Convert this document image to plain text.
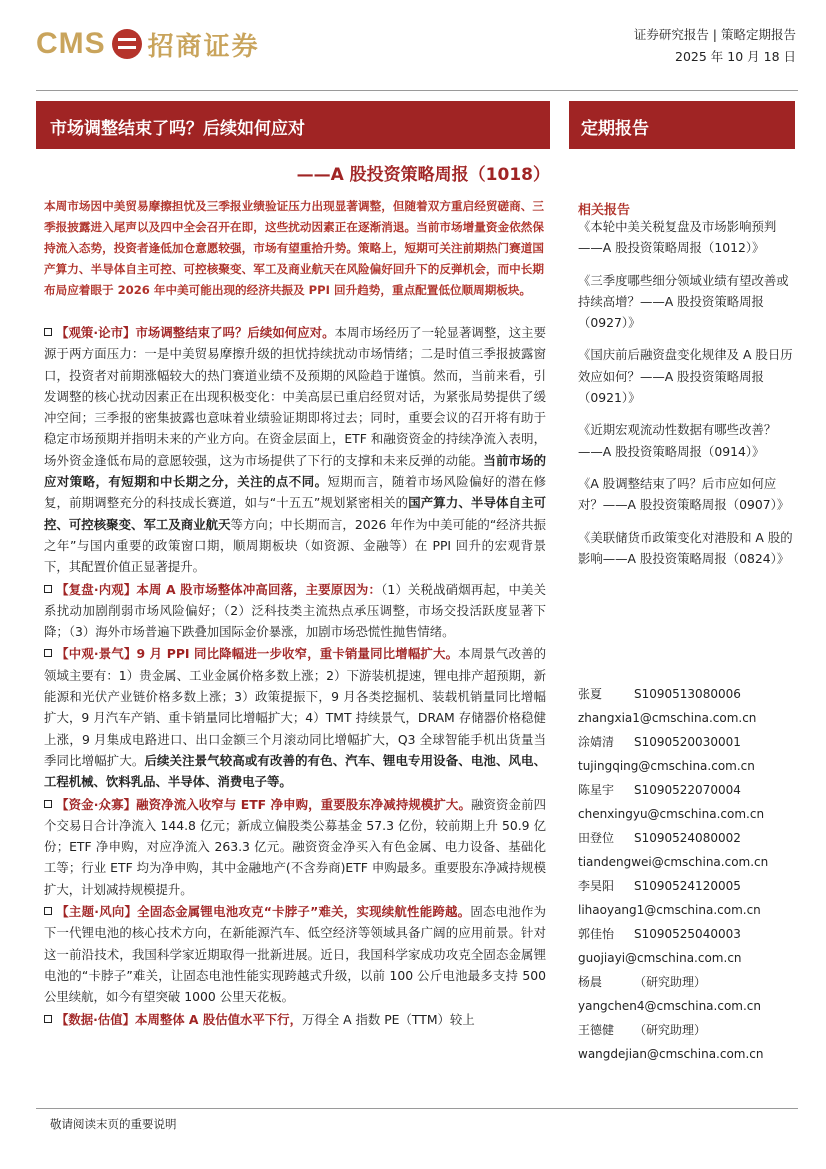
CMS 招商证券	证券研究报告 | 策略定期报告
2025 年 10 月 18 日
市场调整结束了吗？后续如何应对
——A 股投资策略周报（1018）
定期报告
本周市场因中美贸易摩擦担忧及三季报业绩验证压力出现显著调整，但随着双方重启经贸磋商、三季报披露进入尾声以及四中全会召开在即，这些扰动因素正在逐渐消退。当前市场增量资金依然保持流入态势，投资者逢低加仓意愿较强，市场有望重拾升势。策略上，短期可关注前期热门赛道国产算力、半导体自主可控、可控核聚变、军工及商业航天在风险偏好回升下的反弹机会，而中长期布局应着眼于 2026 年中美可能出现的经济共振及 PPI 回升趋势，重点配置低位顺周期板块。

【观策·论市】市场调整结束了吗？后续如何应对。本周市场经历了一轮显著调整，这主要源于两方面压力：一是中美贸易摩擦升级的担忧持续扰动市场情绪；二是时值三季报披露窗口，投资者对前期涨幅较大的热门赛道业绩不及预期的风险趋于谨慎。然而，当前来看，引发调整的核心扰动因素正在出现积极变化：中美高层已重启经贸对话，为紧张局势提供了缓冲空间；三季报的密集披露也意味着业绩验证期即将过去；同时，重要会议的召开将有助于稳定市场预期并指明未来的产业方向。在资金层面上，ETF 和融资资金的持续净流入表明，场外资金逢低布局的意愿较强，这为市场提供了下行的支撑和未来反弹的动能。当前市场的应对策略，有短期和中长期之分，关注的点不同。短期而言，随着市场风险偏好的潜在修复，前期调整充分的科技成长赛道，如与“十五五”规划紧密相关的国产算力、半导体自主可控、可控核聚变、军工及商业航天等方向；中长期而言，2026 年作为中美可能的“经济共振之年”与国内重要的政策窗口期，顺周期板块（如资源、金融等）在 PPI 回升的宏观背景下，其配置价值正显著提升。

【复盘·内观】本周 A 股市场整体冲高回落，主要原因为：（1）关税战硝烟再起，中美关系扰动加剧削弱市场风险偏好；（2）泛科技类主流热点承压调整，市场交投活跃度显著下降；（3）海外市场普遍下跌叠加国际金价暴涨，加剧市场恐慌性抛售情绪。

【中观·景气】9 月 PPI 同比降幅进一步收窄，重卡销量同比增幅扩大。本周景气改善的领域主要有：1）贵金属、工业金属价格多数上涨；2）下游装机提速，锂电排产超预期，新能源和光伏产业链价格多数上涨；3）政策提振下，9 月各类挖掘机、装载机销量同比增幅扩大，9 月汽车产销、重卡销量同比增幅扩大；4）TMT 持续景气，DRAM 存储器价格稳健上涨，9 月集成电路进口、出口金额三个月滚动同比增幅扩大，Q3 全球智能手机出货量当季同比增幅扩大。后续关注景气较高或有改善的有色、汽车、锂电专用设备、电池、风电、工程机械、饮料乳品、半导体、消费电子等。

【资金·众寡】融资净流入收窄与 ETF 净申购，重要股东净减持规模扩大。融资资金前四个交易日合计净流入 144.8 亿元；新成立偏股类公募基金 57.3 亿份，较前期上升 50.9 亿份；ETF 净申购，对应净流入 263.3 亿元。融资资金净买入有色金属、电力设备、基础化工等；行业 ETF 均为净申购，其中金融地产(不含券商)ETF 申购最多。重要股东净减持规模扩大，计划减持规模提升。

【主题·风向】全固态金属锂电池攻克“卡脖子”难关，实现续航性能跨越。固态电池作为下一代锂电池的核心技术方向，在新能源汽车、低空经济等领域具备广阔的应用前景。针对这一前沿技术，我国科学家近期取得一批新进展。近日，我国科学家成功攻克全固态金属锂电池的“卡脖子”难关，让固态电池性能实现跨越式升级，以前 100 公斤电池最多支持 500 公里续航，如今有望突破 1000 公里天花板。

【数据·估值】本周整体 A 股估值水平下行，万得全 A 指数 PE（TTM）较上

相关报告
《本轮中美关税复盘及市场影响预判——A 股投资策略周报（1012）》
《三季度哪些细分领域业绩有望改善或持续高增？——A 股投资策略周报（0927）》
《国庆前后融资盘变化规律及 A 股日历效应如何？——A 股投资策略周报（0921）》
《近期宏观流动性数据有哪些改善？——A 股投资策略周报（0914）》
《A 股调整结束了吗？后市应如何应对？——A 股投资策略周报（0907）》
《美联储货币政策变化对港股和 A 股的影响——A 股投资策略周报（0824）》
张夏	S1090513080006
zhangxia1@cmschina.com.cn
涂婧清	S1090520030001
tujingqing@cmschina.com.cn
陈星宇	S1090522070004
chenxingyu@cmschina.com.cn
田登位	S1090524080002
tiandengwei@cmschina.com.cn
李昊阳	S1090524120005
lihaoyang1@cmschina.com.cn
郭佳怡	S1090525040003
guojiayi@cmschina.com.cn
杨晨	（研究助理）
yangchen4@cmschina.com.cn
王德健	（研究助理）
wangdejian@cmschina.com.cn
敬请阅读末页的重要说明
